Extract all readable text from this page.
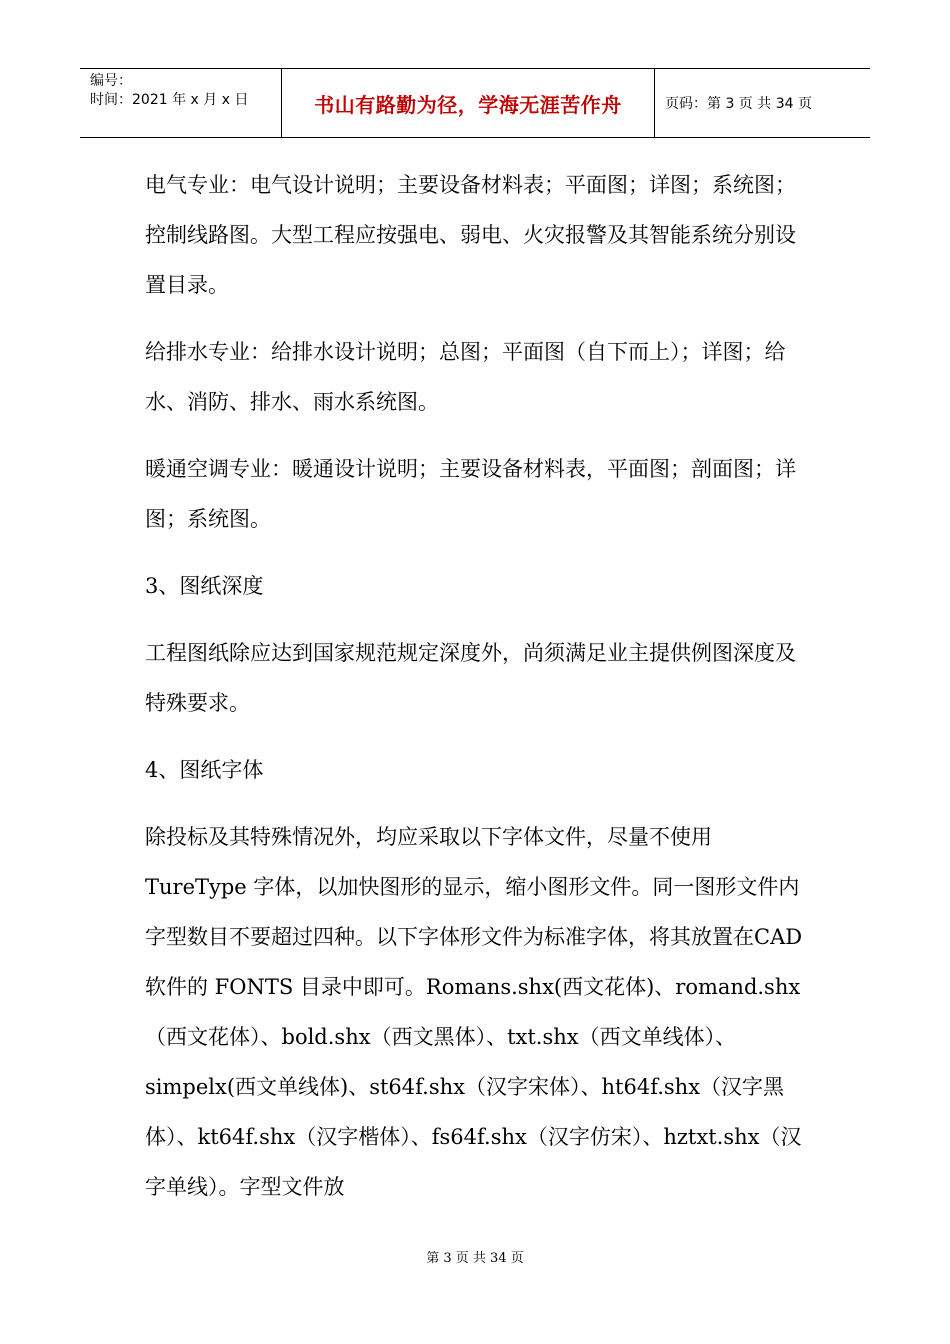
编号：
时间：2021 年 x 月 x 日	书山有路勤为径，学海无涯苦作舟	页码：第 3 页 共 34 页

电气专业：电气设计说明；主要设备材料表；平面图；详图；系统图；控制线路图。大型工程应按强电、弱电、火灾报警及其智能系统分别设置目录。

给排水专业：给排水设计说明；总图；平面图（自下而上）；详图；给水、消防、排水、雨水系统图。

暖通空调专业：暖通设计说明；主要设备材料表，平面图；剖面图；详图；系统图。

3、图纸深度

工程图纸除应达到国家规范规定深度外，尚须满足业主提供例图深度及特殊要求。

4、图纸字体

除投标及其特殊情况外，均应采取以下字体文件，尽量不使用TureType 字体，以加快图形的显示，缩小图形文件。同一图形文件内字型数目不要超过四种。以下字体形文件为标准字体，将其放置在CAD 软件的 FONTS 目录中即可。Romans.shx(西文花体)、romand.shx（西文花体）、bold.shx（西文黑体）、txt.shx（西文单线体）、simpelx(西文单线体)、st64f.shx（汉字宋体）、ht64f.shx（汉字黑体）、kt64f.shx（汉字楷体）、fs64f.shx（汉字仿宋）、hztxt.shx（汉字单线）。字型文件放

第 3 页 共 34 页
